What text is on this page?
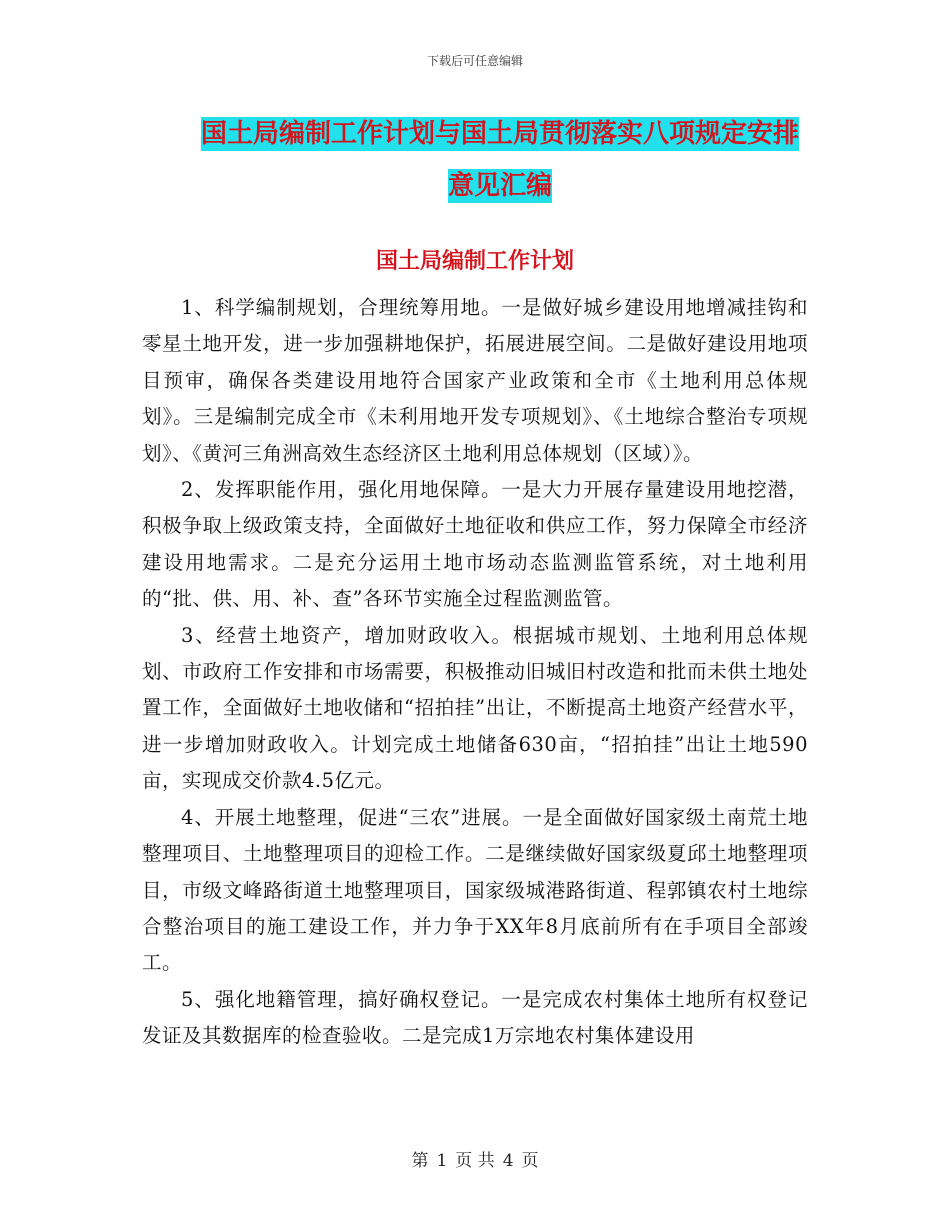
下载后可任意编辑
国土局编制工作计划与国土局贯彻落实八项规定安排
意见汇编
国土局编制工作计划

1、科学编制规划，合理统筹用地。一是做好城乡建设用地增减挂钩和零星土地开发，进一步加强耕地保护，拓展进展空间。二是做好建设用地项目预审，确保各类建设用地符合国家产业政策和全市《土地利用总体规划》。三是编制完成全市《未利用地开发专项规划》、《土地综合整治专项规划》、《黄河三角洲高效生态经济区土地利用总体规划（区域）》。

2、发挥职能作用，强化用地保障。一是大力开展存量建设用地挖潜，积极争取上级政策支持，全面做好土地征收和供应工作，努力保障全市经济建设用地需求。二是充分运用土地市场动态监测监管系统，对土地利用的“批、供、用、补、查”各环节实施全过程监测监管。

3、经营土地资产，增加财政收入。根据城市规划、土地利用总体规划、市政府工作安排和市场需要，积极推动旧城旧村改造和批而未供土地处置工作，全面做好土地收储和“招拍挂”出让，不断提高土地资产经营水平，进一步增加财政收入。计划完成土地储备630亩，“招拍挂”出让土地590亩，实现成交价款4.5亿元。

4、开展土地整理，促进“三农”进展。一是全面做好国家级土南荒土地整理项目、土地整理项目的迎检工作。二是继续做好国家级夏邱土地整理项目，市级文峰路街道土地整理项目，国家级城港路街道、程郭镇农村土地综合整治项目的施工建设工作，并力争于XX年8月底前所有在手项目全部竣工。

5、强化地籍管理，搞好确权登记。一是完成农村集体土地所有权登记发证及其数据库的检查验收。二是完成1万宗地农村集体建设用

第 1 页 共 4 页
